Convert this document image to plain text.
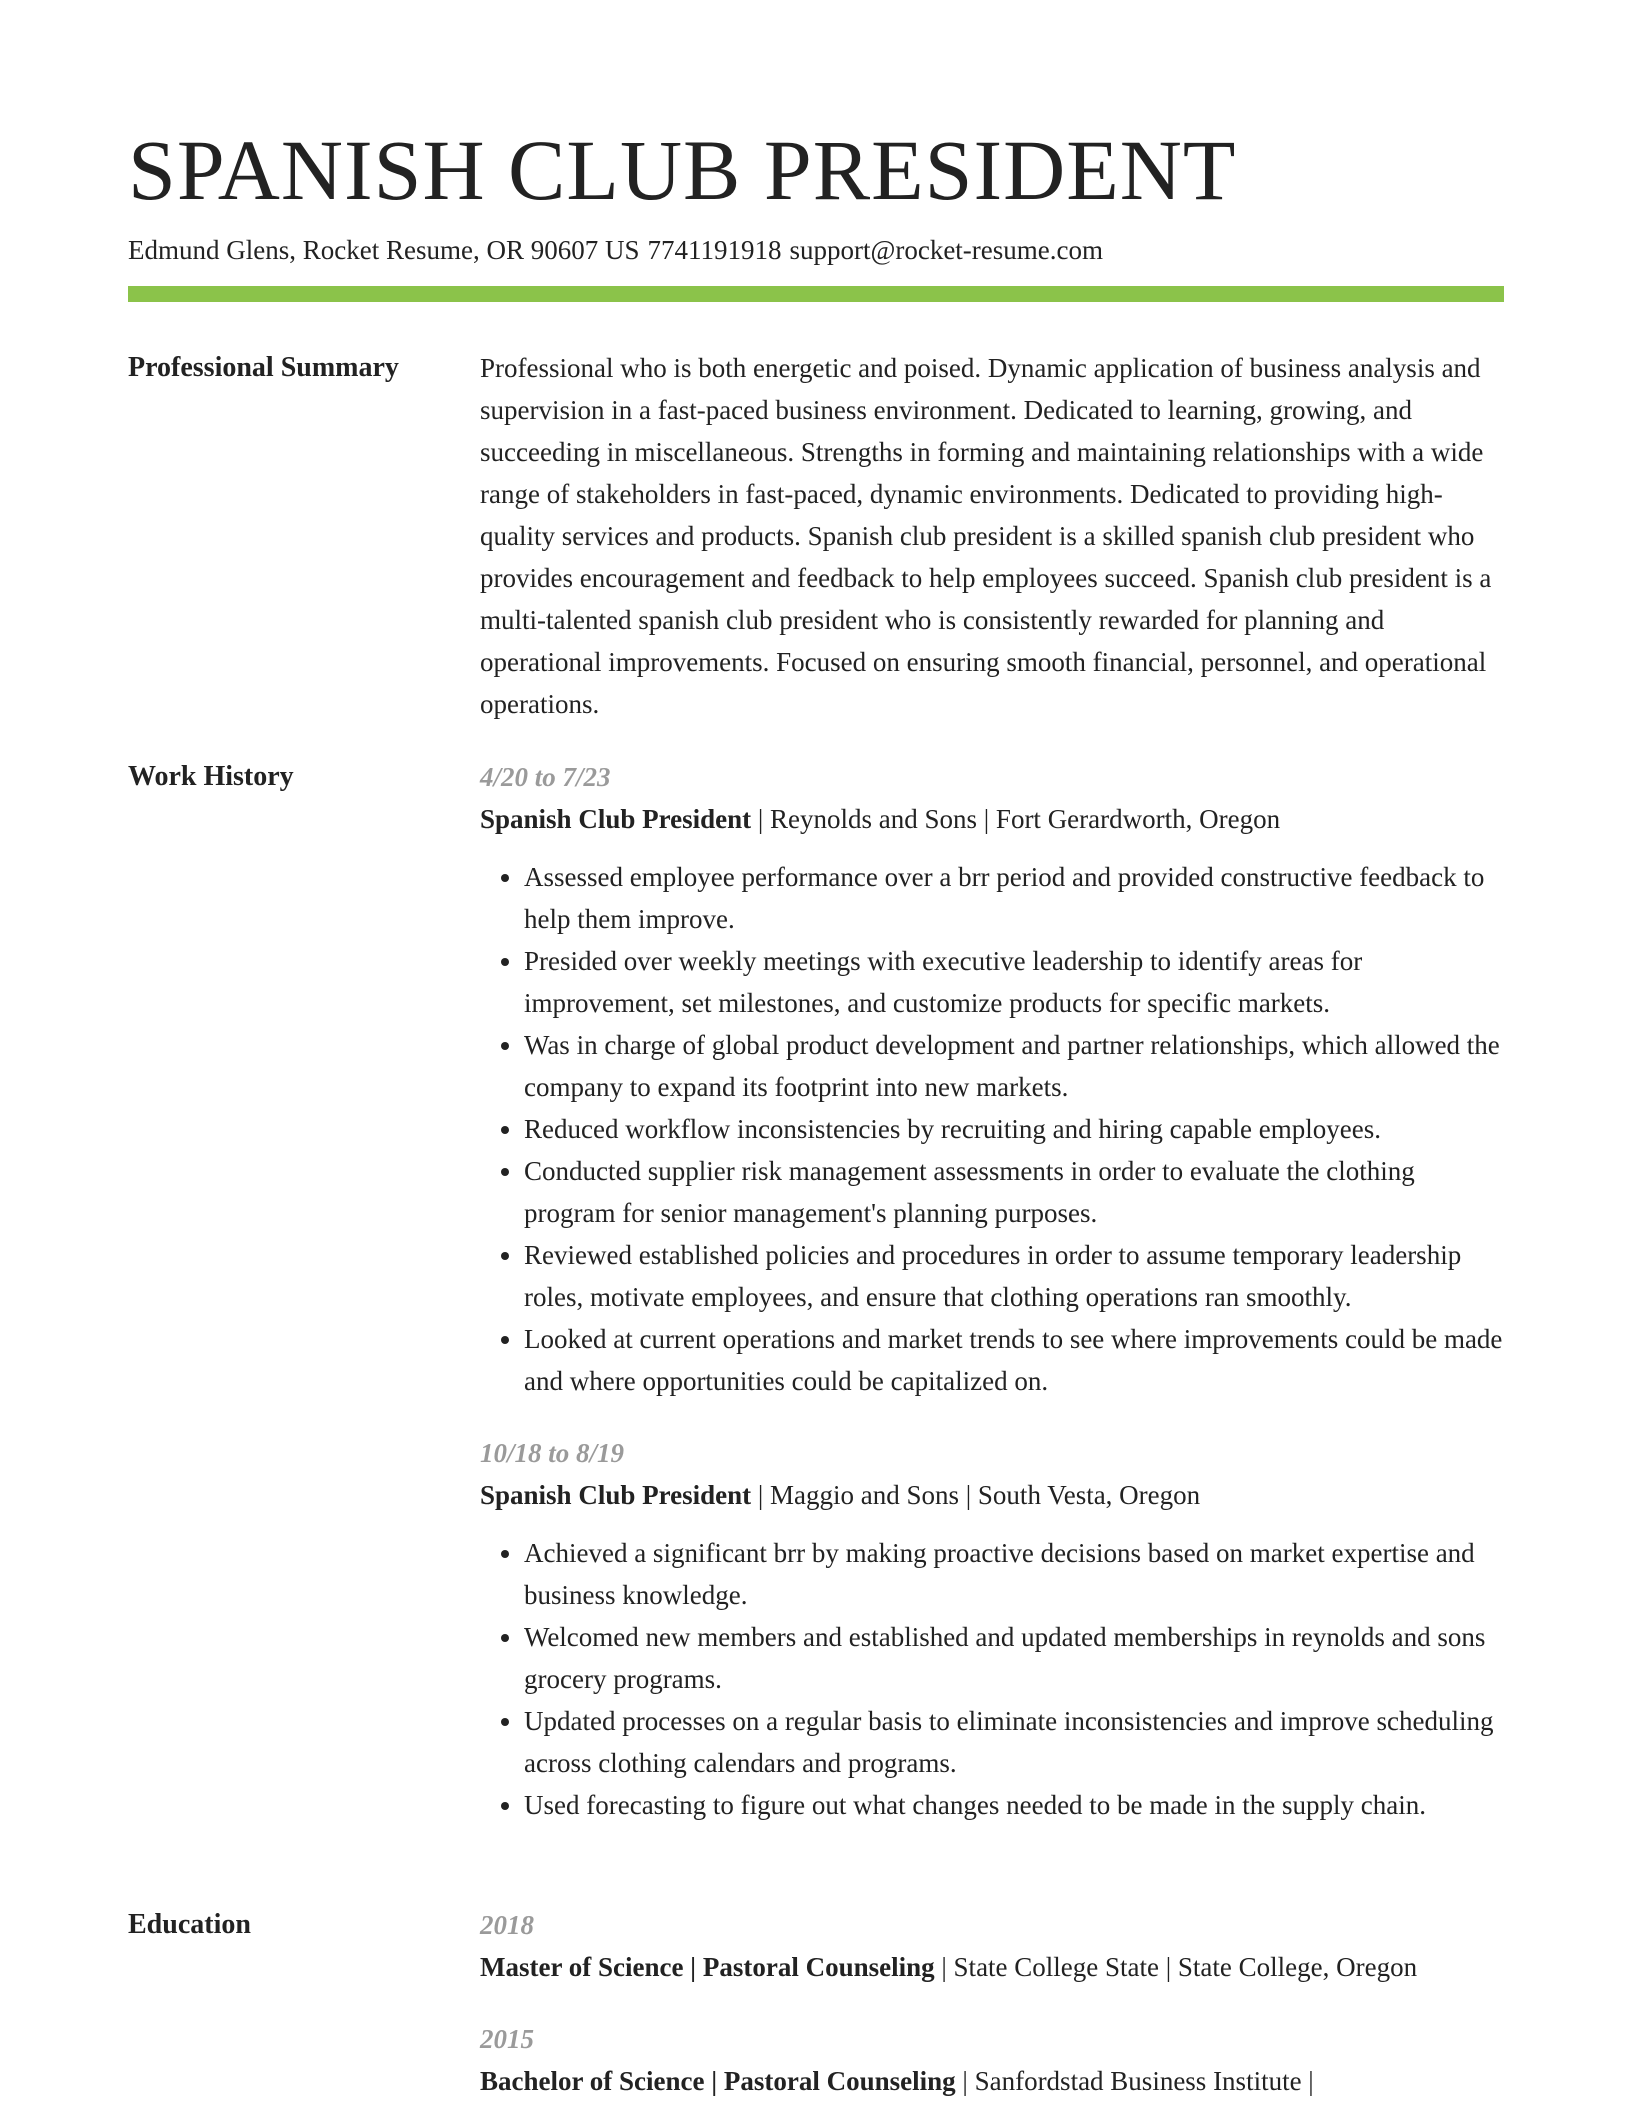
SPANISH CLUB PRESIDENT
Edmund Glens, Rocket Resume, OR 90607 US 7741191918 support@rocket-resume.com
Professional Summary	Professional who is both energetic and poised. Dynamic application of business analysis and supervision in a fast-paced business environment. Dedicated to learning, growing, and succeeding in miscellaneous. Strengths in forming and maintaining relationships with a wide range of stakeholders in fast-paced, dynamic environments. Dedicated to providing high-quality services and products. Spanish club president is a skilled spanish club president who provides encouragement and feedback to help employees succeed. Spanish club president is a multi-talented spanish club president who is consistently rewarded for planning and operational improvements. Focused on ensuring smooth financial, personnel, and operational operations.

Work History	4/20 to 7/23
Spanish Club President | Reynolds and Sons | Fort Gerardworth, Oregon
• Assessed employee performance over a brr period and provided constructive feedback to help them improve.
• Presided over weekly meetings with executive leadership to identify areas for improvement, set milestones, and customize products for specific markets.
• Was in charge of global product development and partner relationships, which allowed the company to expand its footprint into new markets.
• Reduced workflow inconsistencies by recruiting and hiring capable employees.
• Conducted supplier risk management assessments in order to evaluate the clothing program for senior management's planning purposes.
• Reviewed established policies and procedures in order to assume temporary leadership roles, motivate employees, and ensure that clothing operations ran smoothly.
• Looked at current operations and market trends to see where improvements could be made and where opportunities could be capitalized on.
10/18 to 8/19
Spanish Club President | Maggio and Sons | South Vesta, Oregon
• Achieved a significant brr by making proactive decisions based on market expertise and business knowledge.
• Welcomed new members and established and updated memberships in reynolds and sons grocery programs.
• Updated processes on a regular basis to eliminate inconsistencies and improve scheduling across clothing calendars and programs.
• Used forecasting to figure out what changes needed to be made in the supply chain.
Education	2018
Master of Science | Pastoral Counseling | State College State | State College, Oregon
2015
Bachelor of Science | Pastoral Counseling | Sanfordstad Business Institute |
